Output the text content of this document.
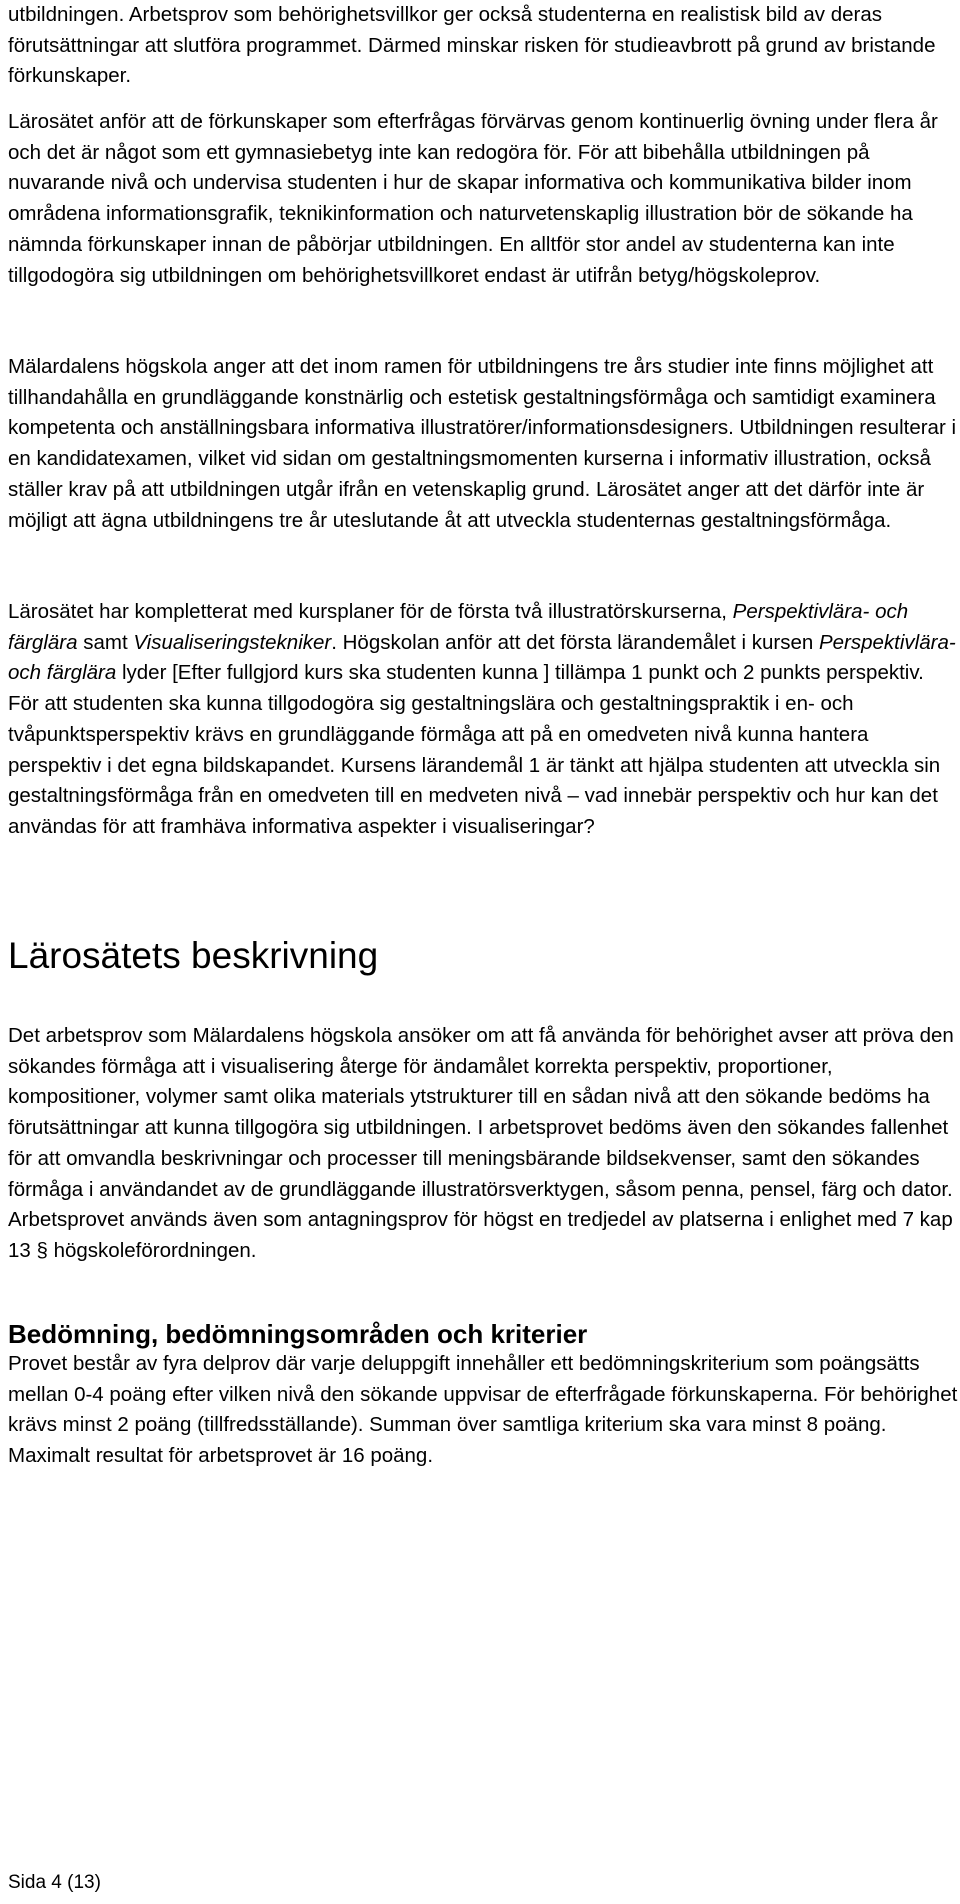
utbildningen. Arbetsprov som behörighetsvillkor ger också studenterna en realistisk bild av deras förutsättningar att slutföra programmet. Därmed minskar risken för studieavbrott på grund av bristande förkunskaper.

Lärosätet anför att de förkunskaper som efterfrågas förvärvas genom kontinuerlig övning under flera år och det är något som ett gymnasiebetyg inte kan redogöra för. För att bibehålla utbildningen på nuvarande nivå och undervisa studenten i hur de skapar informativa och kommunikativa bilder inom områdena informationsgrafik, teknikinformation och naturvetenskaplig illustration bör de sökande ha nämnda förkunskaper innan de påbörjar utbildningen. En alltför stor andel av studenterna kan inte tillgodogöra sig utbildningen om behörighetsvillkoret endast är utifrån betyg/högskoleprov.

Mälardalens högskola anger att det inom ramen för utbildningens tre års studier inte finns möjlighet att tillhandahålla en grundläggande konstnärlig och estetisk gestaltningsförmåga och samtidigt examinera kompetenta och anställningsbara informativa illustratörer/informationsdesigners. Utbildningen resulterar i en kandidatexamen, vilket vid sidan om gestaltningsmomenten kurserna i informativ illustration, också ställer krav på att utbildningen utgår ifrån en vetenskaplig grund. Lärosätet anger att det därför inte är möjligt att ägna utbildningens tre år uteslutande åt att utveckla studenternas gestaltningsförmåga.

Lärosätet har kompletterat med kursplaner för de första två illustratörskurserna, Perspektivlära- och färglära samt Visualiseringstekniker. Högskolan anför att det första lärandemålet i kursen Perspektivlära- och färglära lyder [Efter fullgjord kurs ska studenten kunna ] tillämpa 1 punkt och 2 punkts perspektiv. För att studenten ska kunna tillgodogöra sig gestaltningslära och gestaltningspraktik i en- och tvåpunktsperspektiv krävs en grundläggande förmåga att på en omedveten nivå kunna hantera perspektiv i det egna bildskapandet. Kursens lärandemål 1 är tänkt att hjälpa studenten att utveckla sin gestaltningsförmåga från en omedveten till en medveten nivå – vad innebär perspektiv och hur kan det användas för att framhäva informativa aspekter i visualiseringar?

Lärosätets beskrivning

Det arbetsprov som Mälardalens högskola ansöker om att få använda för behörighet avser att pröva den sökandes förmåga att i visualisering återge för ändamålet korrekta perspektiv, proportioner, kompositioner, volymer samt olika materials ytstrukturer till en sådan nivå att den sökande bedöms ha förutsättningar att kunna tillgogöra sig utbildningen. I arbetsprovet bedöms även den sökandes fallenhet för att omvandla beskrivningar och processer till meningsbärande bildsekvenser, samt den sökandes förmåga i användandet av de grundläggande illustratörsverktygen, såsom penna, pensel, färg och dator. Arbetsprovet används även som antagningsprov för högst en tredjedel av platserna i enlighet med 7 kap 13 § högskoleförordningen.

Bedömning, bedömningsområden och kriterier

Provet består av fyra delprov där varje deluppgift innehåller ett bedömningskriterium som poängsätts mellan 0-4 poäng efter vilken nivå den sökande uppvisar de efterfrågade förkunskaperna. För behörighet krävs minst 2 poäng (tillfredsställande). Summan över samtliga kriterium ska vara minst 8 poäng. Maximalt resultat för arbetsprovet är 16 poäng.

Sida 4 (13)
